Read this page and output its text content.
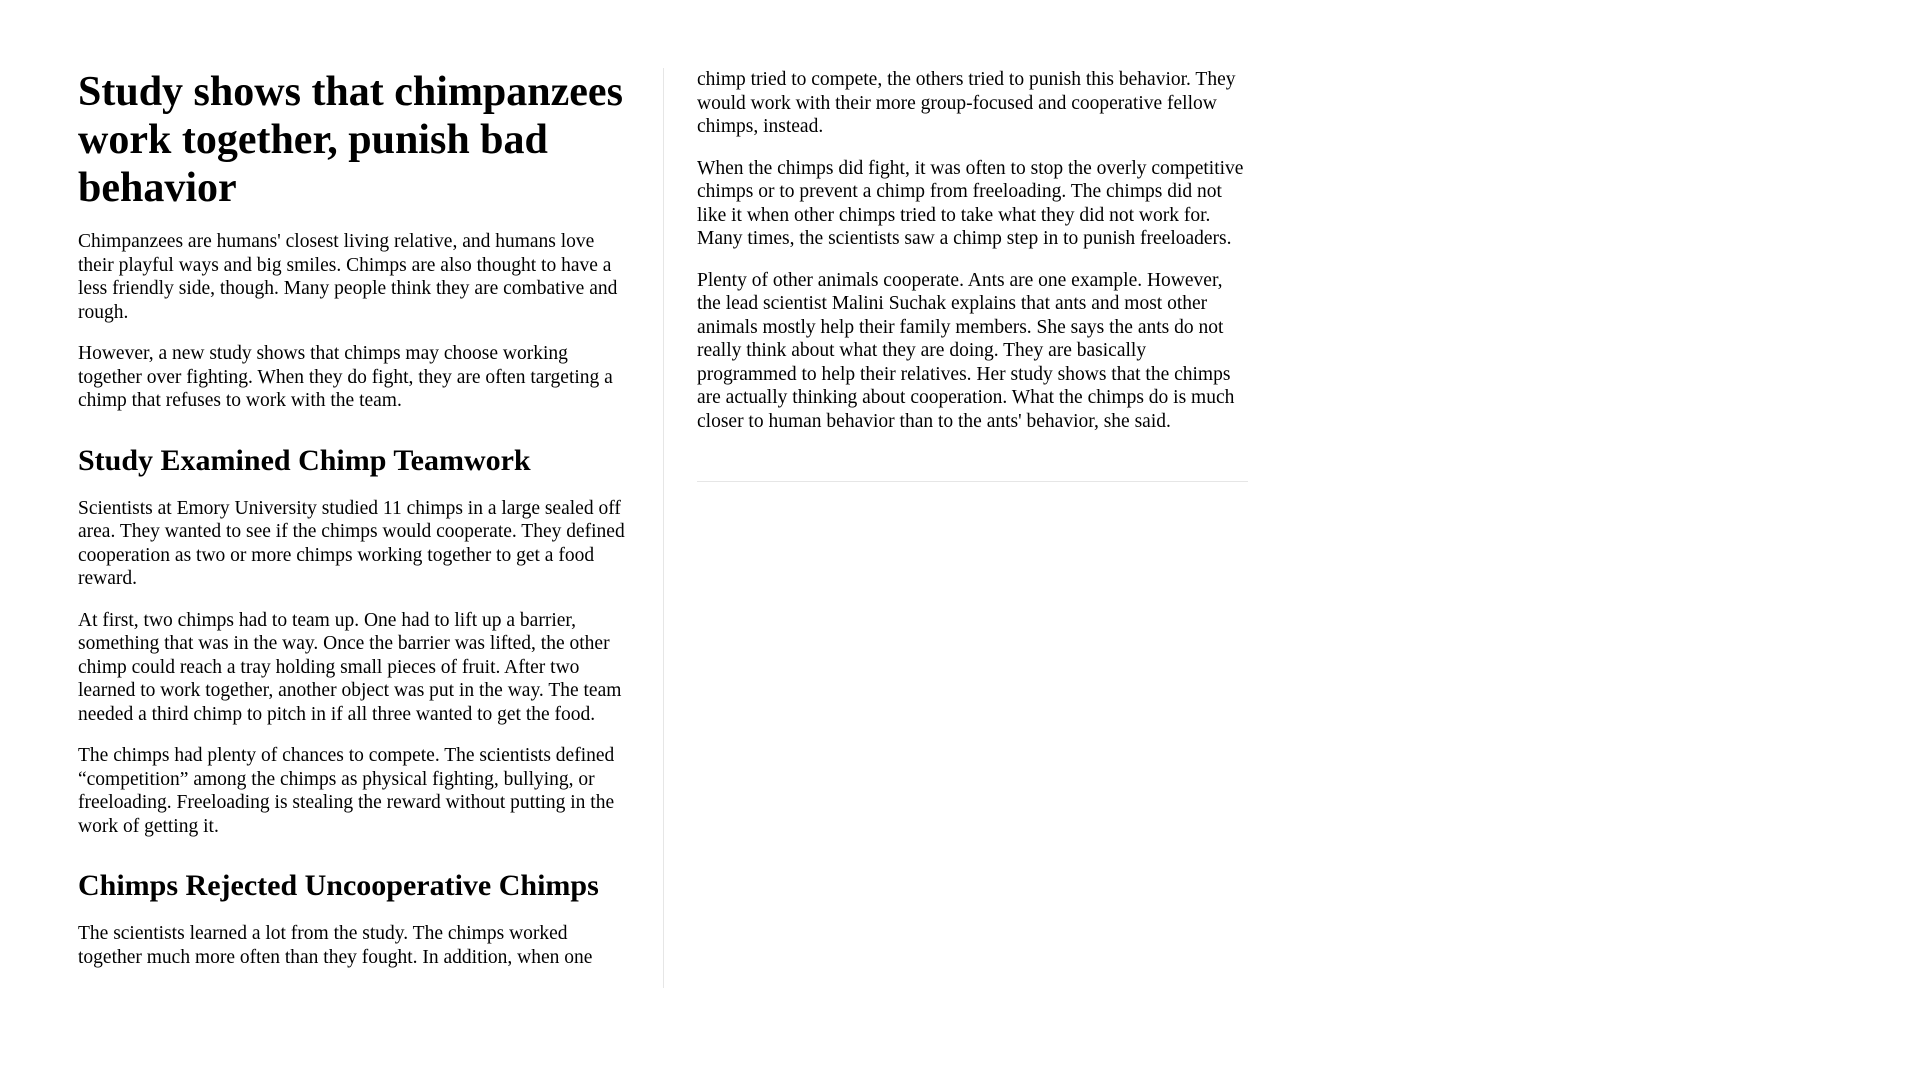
Study shows that chimpanzees work together, punish bad behavior

Chimpanzees are humans' closest living relative, and humans love their playful ways and big smiles. Chimps are also thought to have a less friendly side, though. Many people think they are combative and rough.

However, a new study shows that chimps may choose working together over fighting. When they do fight, they are often targeting a chimp that refuses to work with the team.

Study Examined Chimp Teamwork

Scientists at Emory University studied 11 chimps in a large sealed off area. They wanted to see if the chimps would cooperate. They defined cooperation as two or more chimps working together to get a food reward.

At first, two chimps had to team up. One had to lift up a barrier, something that was in the way. Once the barrier was lifted, the other chimp could reach a tray holding small pieces of fruit. After two learned to work together, another object was put in the way. The team needed a third chimp to pitch in if all three wanted to get the food.

The chimps had plenty of chances to compete. The scientists defined “competition” among the chimps as physical fighting, bullying, or freeloading. Freeloading is stealing the reward without putting in the work of getting it.

Chimps Rejected Uncooperative Chimps

The scientists learned a lot from the study. The chimps worked together much more often than they fought. In addition, when one chimp tried to compete, the others tried to punish this behavior. They would work with their more group-focused and cooperative fellow chimps, instead.

When the chimps did fight, it was often to stop the overly competitive chimps or to prevent a chimp from freeloading. The chimps did not like it when other chimps tried to take what they did not work for. Many times, the scientists saw a chimp step in to punish freeloaders.

Plenty of other animals cooperate. Ants are one example. However, the lead scientist Malini Suchak explains that ants and most other animals mostly help their family members. She says the ants do not really think about what they are doing. They are basically programmed to help their relatives. Her study shows that the chimps are actually thinking about cooperation. What the chimps do is much closer to human behavior than to the ants' behavior, she said.
